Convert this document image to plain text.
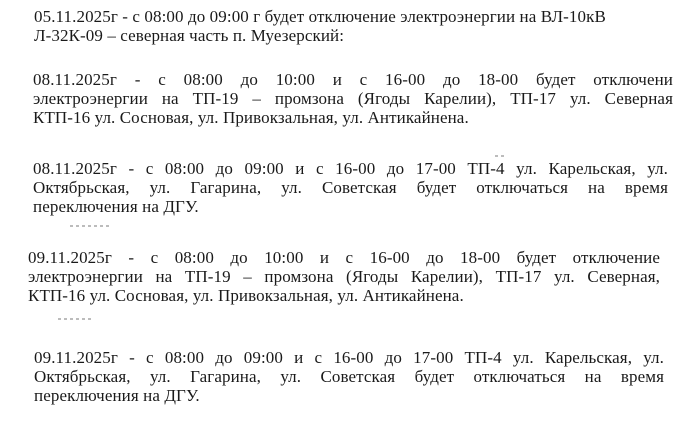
05.11.2025г - с 08:00 до 09:00 г будет отключение электроэнергии на ВЛ-10кВ
Л-32К-09 – северная часть п. Муезерский:
08.11.2025г - с 08:00 до 10:00 и с 16-00 до 18-00 будет отключени
электроэнергии на ТП-19 – промзона (Ягоды Карелии), ТП-17 ул. Северная
КТП-16 ул. Сосновая, ул. Привокзальная, ул. Антикайнена.
08.11.2025г - с 08:00 до 09:00 и с 16-00 до 17-00 ТП-4 ул. Карельская, ул.
Октябрьская, ул. Гагарина, ул. Советская будет отключаться на время
переключения на ДГУ.
09.11.2025г - с 08:00 до 10:00 и с 16-00 до 18-00 будет отключение
электроэнергии на ТП-19 – промзона (Ягоды Карелии), ТП-17 ул. Северная,
КТП-16 ул. Сосновая, ул. Привокзальная, ул. Антикайнена.
09.11.2025г - с 08:00 до 09:00 и с 16-00 до 17-00 ТП-4 ул. Карельская, ул.
Октябрьская, ул. Гагарина, ул. Советская будет отключаться на время
переключения на ДГУ.
